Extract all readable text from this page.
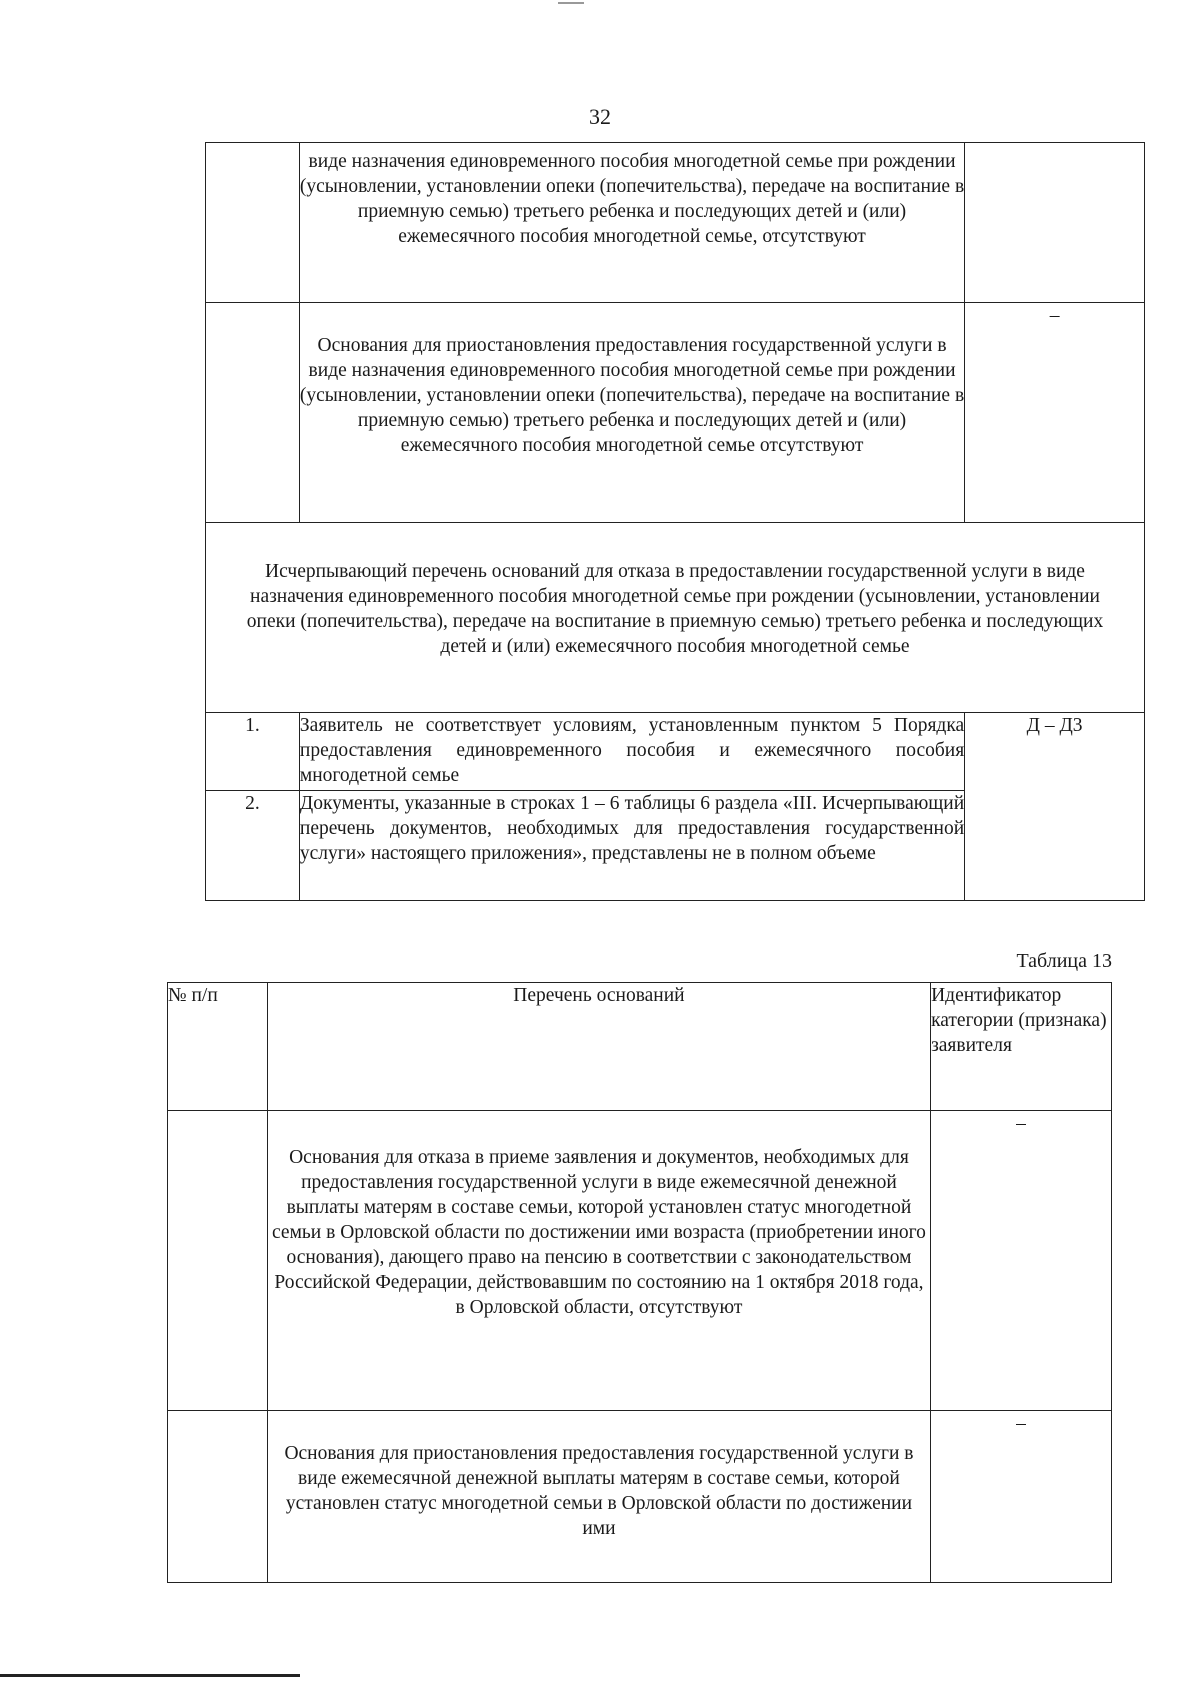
32
	виде назначения единовременного пособия многодетной семье при рождении (усыновлении, установлении опеки (попечительства), передаче на воспитание в приемную семью) третьего ребенка и последующих детей и (или) ежемесячного пособия многодетной семье, отсутствуют	
	Основания для приостановления предоставления государственной услуги в виде назначения единовременного пособия многодетной семье при рождении (усыновлении, установлении опеки (попечительства), передаче на воспитание в приемную семью) третьего ребенка и последующих детей и (или) ежемесячного пособия многодетной семье отсутствуют	–
Исчерпывающий перечень оснований для отказа в предоставлении государственной услуги в виде назначения единовременного пособия многодетной семье при рождении (усыновлении, установлении опеки (попечительства), передаче на воспитание в приемную семью) третьего ребенка и последующих детей и (или) ежемесячного пособия многодетной семье		
1.	Заявитель не соответствует условиям, установленным пунктом 5 Порядка предоставления единовременного пособия и ежемесячного пособия многодетной семье	Д – Д3
2.	Документы, указанные в строках 1 – 6 таблицы 6 раздела «III. Исчерпывающий перечень документов, необходимых для предоставления государственной услуги» настоящего приложения», представлены не в полном объеме	
Таблица 13
№ п/п	Перечень оснований	Идентификатор категории (признака) заявителя
	Основания для отказа в приеме заявления и документов, необходимых для предоставления государственной услуги в виде ежемесячной денежной выплаты матерям в составе семьи, которой установлен статус многодетной семьи в Орловской области по достижении ими возраста (приобретении иного основания), дающего право на пенсию в соответствии с законодательством Российской Федерации, действовавшим по состоянию на 1 октября 2018 года, в Орловской области, отсутствуют	–
	Основания для приостановления предоставления государственной услуги в виде ежемесячной денежной выплаты матерям в составе семьи, которой установлен статус многодетной семьи в Орловской области по достижении ими	–
